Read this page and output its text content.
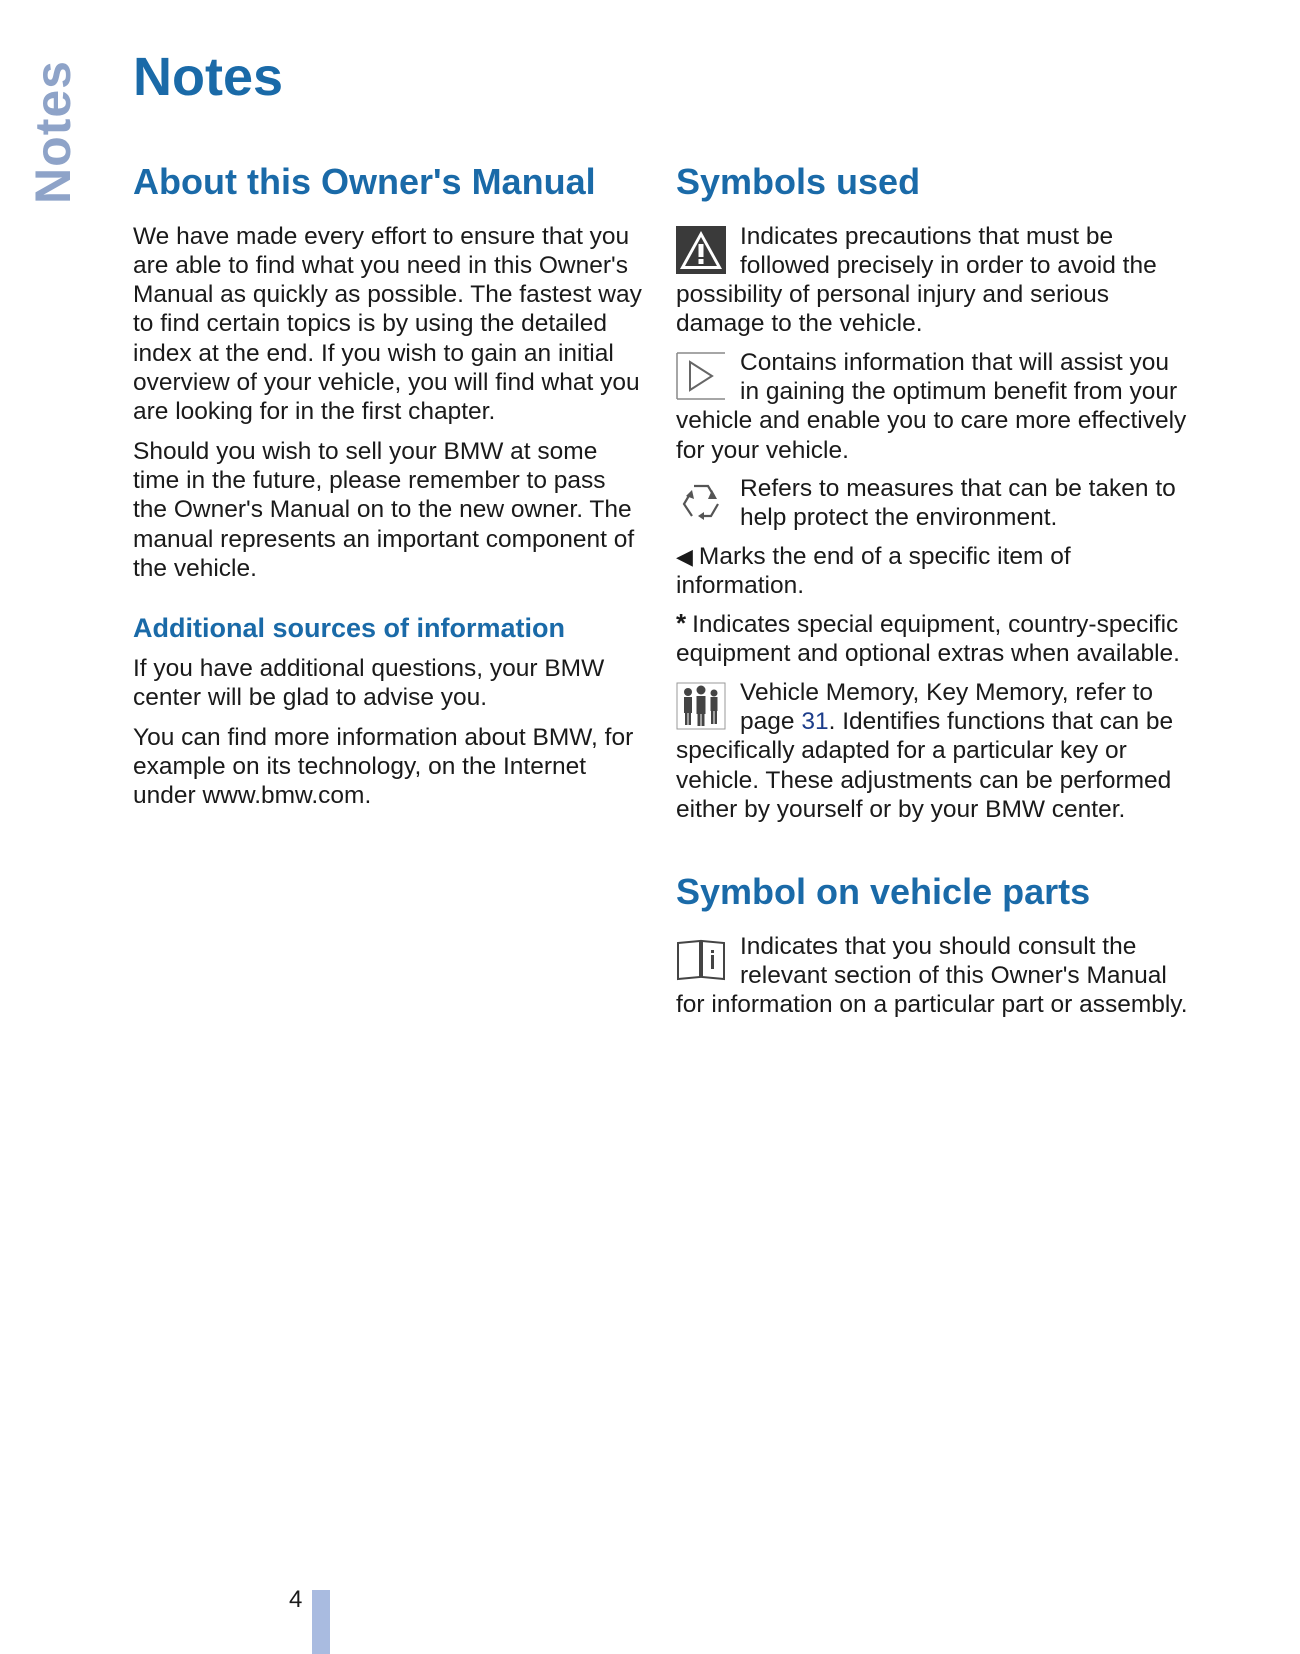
Notes Notes
About this Owner's Manual

We have made every effort to ensure that you are able to find what you need in this Owner's Manual as quickly as possible. The fastest way to find certain topics is by using the detailed index at the end. If you wish to gain an initial overview of your vehicle, you will find what you are looking for in the first chapter.

Should you wish to sell your BMW at some time in the future, please remember to pass the Owner's Manual on to the new owner. The manual represents an important component of the vehicle.

Additional sources of information

If you have additional questions, your BMW center will be glad to advise you.

You can find more information about BMW, for example on its technology, on the Internet under www.bmw.com.

Symbols used

Indicates precautions that must be followed precisely in order to avoid the possibility of personal injury and serious damage to the vehicle.

Contains information that will assist you in gaining the optimum benefit from your vehicle and enable you to care more effectively for your vehicle.

Refers to measures that can be taken to help protect the environment.

◀ Marks the end of a specific item of information.

* Indicates special equipment, country-specific equipment and optional extras when available.

Vehicle Memory, Key Memory, refer to page 31. Identifies functions that can be specifically adapted for a particular key or vehicle. These adjustments can be performed either by yourself or by your BMW center.

Symbol on vehicle parts

Indicates that you should consult the relevant section of this Owner's Manual for information on a particular part or assembly.

4
